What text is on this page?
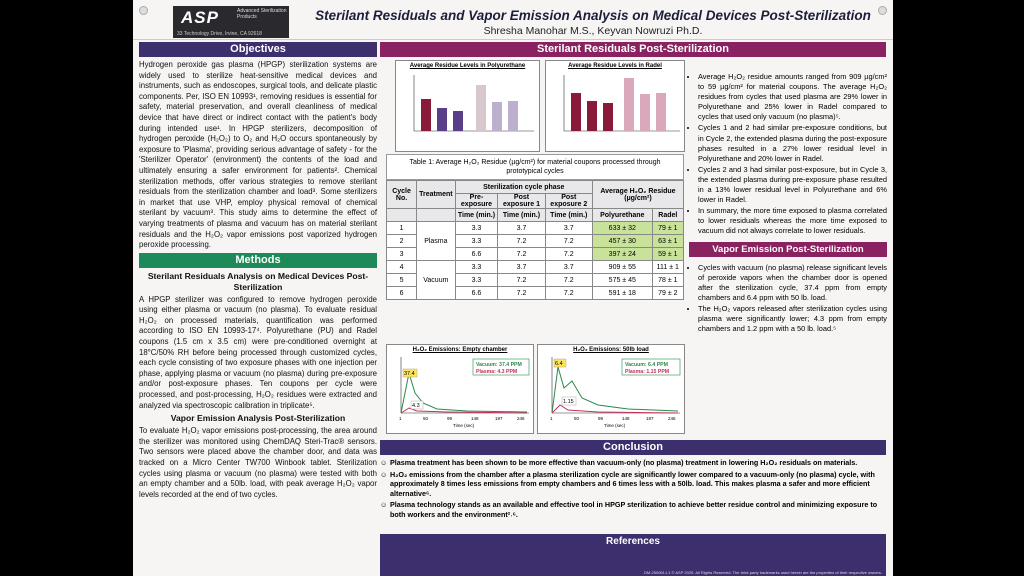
ASP	Advanced Sterilization Products
33 Technology Drive, Irvine, CA 92618
Sterilant Residuals and Vapor Emission Analysis on Medical Devices Post-Sterilization
Shresha Manohar M.S., Keyvan Nowruzi Ph.D.
Objectives

Hydrogen peroxide gas plasma (HPGP) sterilization systems are widely used to sterilize heat-sensitive medical devices and instruments, such as endoscopes, surgical tools, and delicate plastic components. Per, ISO EN 10993¹, removing residues is essential for safety, material preservation, and overall cleanliness of medical device that have direct or indirect contact with the patient's body during intended use¹. In HPGP sterilizers, decomposition of hydrogen peroxide (H₂O₂) to O₂ and H₂O occurs spontaneously by exposure to 'Plasma', providing serious advantage of safety - for the 'Sterilizer Operator' (environment) the contents of the load and ultimately ensuring a safer environment for patients². Chemical sterilization methods, offer various strategies to remove sterilant residuals from the sterilization chamber and load³. Some sterilizers in market that use VHP, employ physical removal of chemical sterilant by vacuum³. This study aims to determine the effect of varying treatments of plasma and vacuum has on material sterilant residuals and the H₂O₂ vapor emissions post vaporized hydrogen peroxide processing.

Methods
Sterilant Residuals Analysis on Medical Devices Post-Sterilization

A HPGP sterilizer was configured to remove hydrogen peroxide using either plasma or vacuum (no plasma). To evaluate residual H₂O₂ on processed materials, quantification was performed according to ISO EN 10993-17⁴. Polyurethane (PU) and Radel coupons (1.5 cm x 3.5 cm) were pre-conditioned overnight at 18°C/50% RH before being processed through customized cycles, each cycle consisting of two exposure phases with one injection per phase, applying plasma or vacuum (no plasma) during pre-exposure and/or post-exposure phases. Ten coupons per cycle were processed, and post-processing, H₂O₂ residues were extracted and analyzed via spectroscopic calibration in triplicate⁵.

Vapor Emission Analysis Post-Sterilization

To evaluate H₂O₂ vapor emissions post-processing, the area around the sterilizer was monitored using ChemDAQ Steri-Trac® sensors. Two sensors were placed above the chamber door, and data was tracked on a Micro Center TW700 Winbook tablet. Sterilization cycles using plasma or vacuum (no plasma) were tested with both an empty chamber and a 50lb. load, with peak average H₂O₂ vapor levels recorded at the end of two cycles.

Sterilant Residuals Post-Sterilization
Average Residue Levels in Polyurethane	Average Residue Levels in Radel
Table 1: Average H₂O₂ Residue (µg/cm²) for material coupons processed through prototypical cycles
Cycle No.	Treatment	Sterilization cycle phase			Average H₂O₂ Residue (µg/cm²)	
		Pre-exposure	Post exposure 1	Post exposure 2		
		Time (min.)	Time (min.)	Time (min.)	Polyurethane	Radel
1	Plasma	3.3	3.7	3.7	633 ± 32	79 ± 1
2		3.3	7.2	7.2	457 ± 30	63 ± 1
3		6.6	7.2	7.2	397 ± 24	59 ± 1
4	Vacuum	3.3	3.7	3.7	909 ± 55	111 ± 1
5		3.3	7.2	7.2	575 ± 45	78 ± 1
6		6.6	7.2	7.2	591 ± 18	79 ± 2
H₂O₂ Emissions: Empty chamber
37.4
4.3
Vacuum: 37.4 PPM
Plasma: 4.3 PPM
1	50	99	148	197	246
Time (sec)
H₂O₂ Emissions: 50lb load
6.4
1.15
Vacuum: 6.4 PPM
Plasma: 1.15 PPM
1	50	99	148	197	246
Time (sec)
• Average H₂O₂ residue amounts ranged from 909 µg/cm² to 59 µg/cm² for material coupons. The average H₂O₂ residues from cycles that used plasma are 29% lower in Polyurethane and 25% lower in Radel compared to cycles that used only vacuum (no plasma)⁵.
• Cycles 1 and 2 had similar pre-exposure conditions, but in Cycle 2, the extended plasma during the post-exposure phases resulted in a 27% lower residual level in Polyurethane and 20% lower in Radel.
• Cycles 2 and 3 had similar post-exposure, but in Cycle 3, the extended plasma during pre-exposure phase resulted in a 13% lower residual level in Polyurethane and 6% lower in Radel.
• In summary, the more time exposed to plasma correlated to lower residuals whereas the more time exposed to vacuum did not always correlate to lower residuals.
Vapor Emission Post-Sterilization
• Cycles with vacuum (no plasma) release significant levels of peroxide vapors when the chamber door is opened after the sterilization cycle, 37.4 ppm from empty chambers and 6.4 ppm with 50 lb. load.
• The H₂O₂ vapors released after sterilization cycles using plasma were significantly lower; 4.3 ppm from empty chambers and 1.2 ppm with a 50 lb. load.⁵
Conclusion
☺ Plasma treatment has been shown to be more effective than vacuum-only (no plasma) treatment in lowering H₂O₂ residuals on materials.
☺ H₂O₂ emissions from the chamber after a plasma sterilization cycle are significantly lower compared to a vacuum-only (no plasma) cycle, with approximately 8 times less emissions from empty chambers and 6 times less with a 50lb. load. This makes plasma a safer and more efficient alternative⁶.
☺ Plasma technology stands as an available and effective tool in HPGP sterilization to achieve better residue control and minimizing exposure to both workers and the environment²˒⁶.
References
DM-250061J-1 © ASP 2025. All Rights Reserved. The third-party trademarks used herein are the properties of their respective owners.
